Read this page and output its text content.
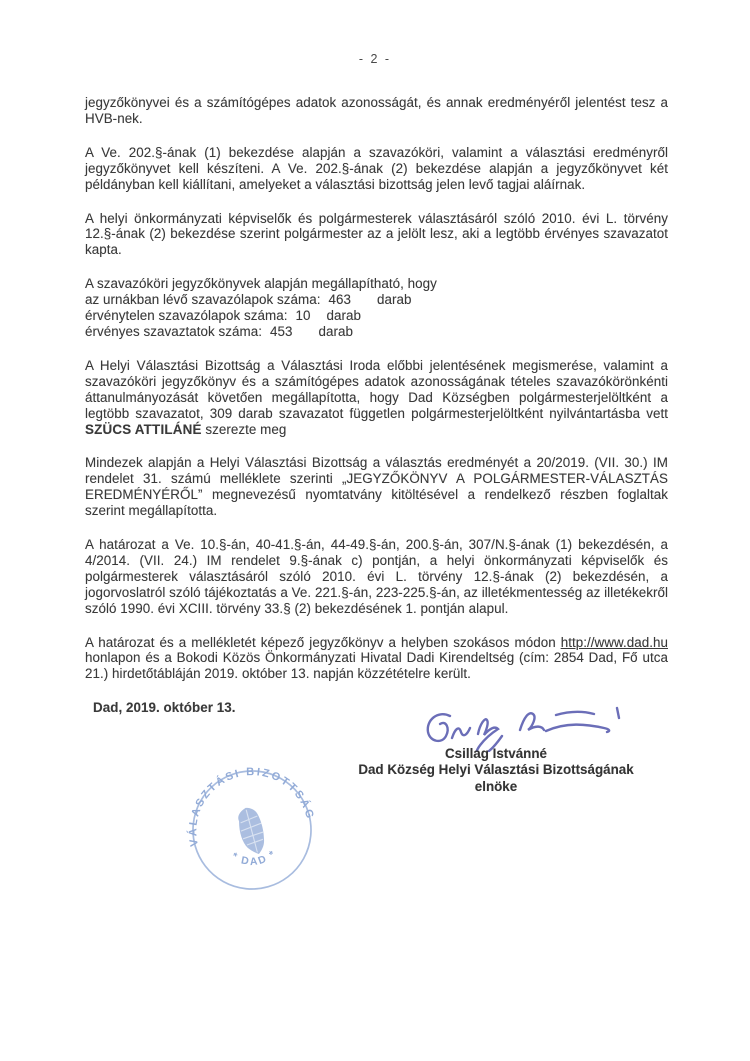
- 2 -

jegyzőkönyvei és a számítógépes adatok azonosságát, és annak eredményéről jelentést tesz a HVB-nek.

A Ve. 202.§-ának (1) bekezdése alapján a szavazóköri, valamint a választási eredményről jegyzőkönyvet kell készíteni. A Ve. 202.§-ának (2) bekezdése alapján a jegyzőkönyvet két példányban kell kiállítani, amelyeket a választási bizottság jelen levő tagjai aláírnak.

A helyi önkormányzati képviselők és polgármesterek választásáról szóló 2010. évi L. törvény 12.§-ának (2) bekezdése szerint polgármester az a jelölt lesz, aki a legtöbb érvényes szavazatot kapta.

A szavazóköri jegyzőkönyvek alapján megállapítható, hogy
az urnákban lévő szavazólapok száma: 463 darab
érvénytelen szavazólapok száma: 10 darab
érvényes szavaztatok száma: 453 darab

A Helyi Választási Bizottság a Választási Iroda előbbi jelentésének megismerése, valamint a szavazóköri jegyzőkönyv és a számítógépes adatok azonosságának tételes szavazókörönkénti áttanulmányozását követően megállapította, hogy Dad Községben polgármesterjelöltként a legtöbb szavazatot, 309 darab szavazatot független polgármesterjelöltként nyilvántartásba vett SZÜCS ATTILÁNÉ szerezte meg

Mindezek alapján a Helyi Választási Bizottság a választás eredményét a 20/2019. (VII. 30.) IM rendelet 31. számú melléklete szerinti „JEGYZŐKÖNYV A POLGÁRMESTER-VÁLASZTÁS EREDMÉNYÉRŐL” megnevezésű nyomtatvány kitöltésével a rendelkező részben foglaltak szerint megállapította.

A határozat a Ve. 10.§-án, 40-41.§-án, 44-49.§-án, 200.§-án, 307/N.§-ának (1) bekezdésén, a 4/2014. (VII. 24.) IM rendelet 9.§-ának c) pontján, a helyi önkormányzati képviselők és polgármesterek választásáról szóló 2010. évi L. törvény 12.§-ának (2) bekezdésén, a jogorvoslatról szóló tájékoztatás a Ve. 221.§-án, 223-225.§-án, az illetékmentesség az illetékekről szóló 1990. évi XCIII. törvény 33.§ (2) bekezdésének 1. pontján alapul.

A határozat és a mellékletét képező jegyzőkönyv a helyben szokásos módon http://www.dad.hu honlapon és a Bokodi Közös Önkormányzati Hivatal Dadi Kirendeltség (cím: 2854 Dad, Fő utca 21.) hirdetőtábláján 2019. október 13. napján közzétételre került.

Dad, 2019. október 13.

Csillag Istvánné
Dad Község Helyi Választási Bizottságának
elnöke
VÁLASZTÁSI BIZOTTSÁG
* DAD *
